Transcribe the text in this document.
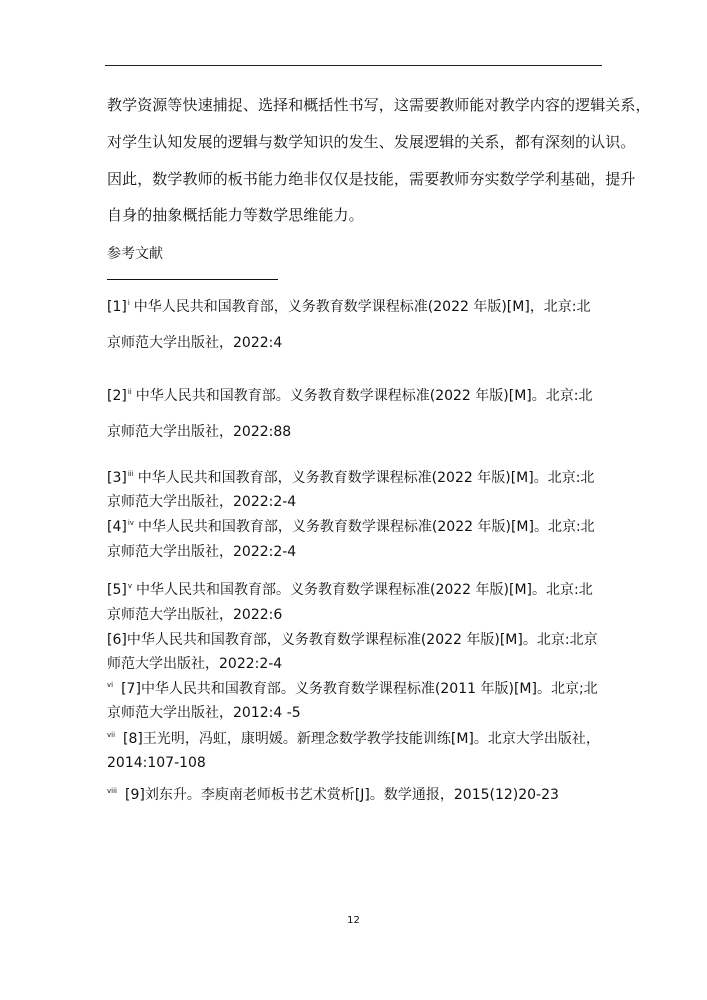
教学资源等快速捕捉、选择和概括性书写，这需要教师能对教学内容的逻辑关系，
对学生认知发展的逻辑与数学知识的发生、发展逻辑的关系，都有深刻的认识。
因此，数学教师的板书能力绝非仅仅是技能，需要教师夯实数学学利基础，提升
自身的抽象概括能力等数学思维能力。
参考文献
$[1]^i$ 中华人民共和国教育部，义务教育数学课程标准(2022 年版)[M]，北京:北
京师范大学出版社，2022:4
$[2]^{ii}$ 中华人民共和国教育部。义务教育数学课程标准(2022 年版)[M]。北京:北
京师范大学出版社，2022:88
$[3]^{iii}$ 中华人民共和国教育部，义务教育数学课程标准(2022 年版)[M]。北京:北
京师范大学出版社，2022:2-4
$[4]^{iv}$ 中华人民共和国教育部，义务教育数学课程标准(2022 年版)[M]。北京:北
京师范大学出版社，2022:2-4
$[5]^v$ 中华人民共和国教育部。义务教育数学课程标准(2022 年版)[M]。北京:北
京师范大学出版社，2022:6
[6]中华人民共和国教育部，义务教育数学课程标准(2022 年版)[M]。北京:北京
师范大学出版社，2022:2-4
$^{vi}$ [7]中华人民共和国教育部。义务教育数学课程标准(2011 年版)[M]。北京;北
京师范大学出版社，2012:4 -5
$^{vii}$ [8]王光明，冯虹，康明媛。新理念数学教学技能训练[M]。北京大学出版社，
2014:107-108
$^{viii}$ [9]刘东升。李庾南老师板书艺术赏析[J]。数学通报，2015(12)20-23
12
